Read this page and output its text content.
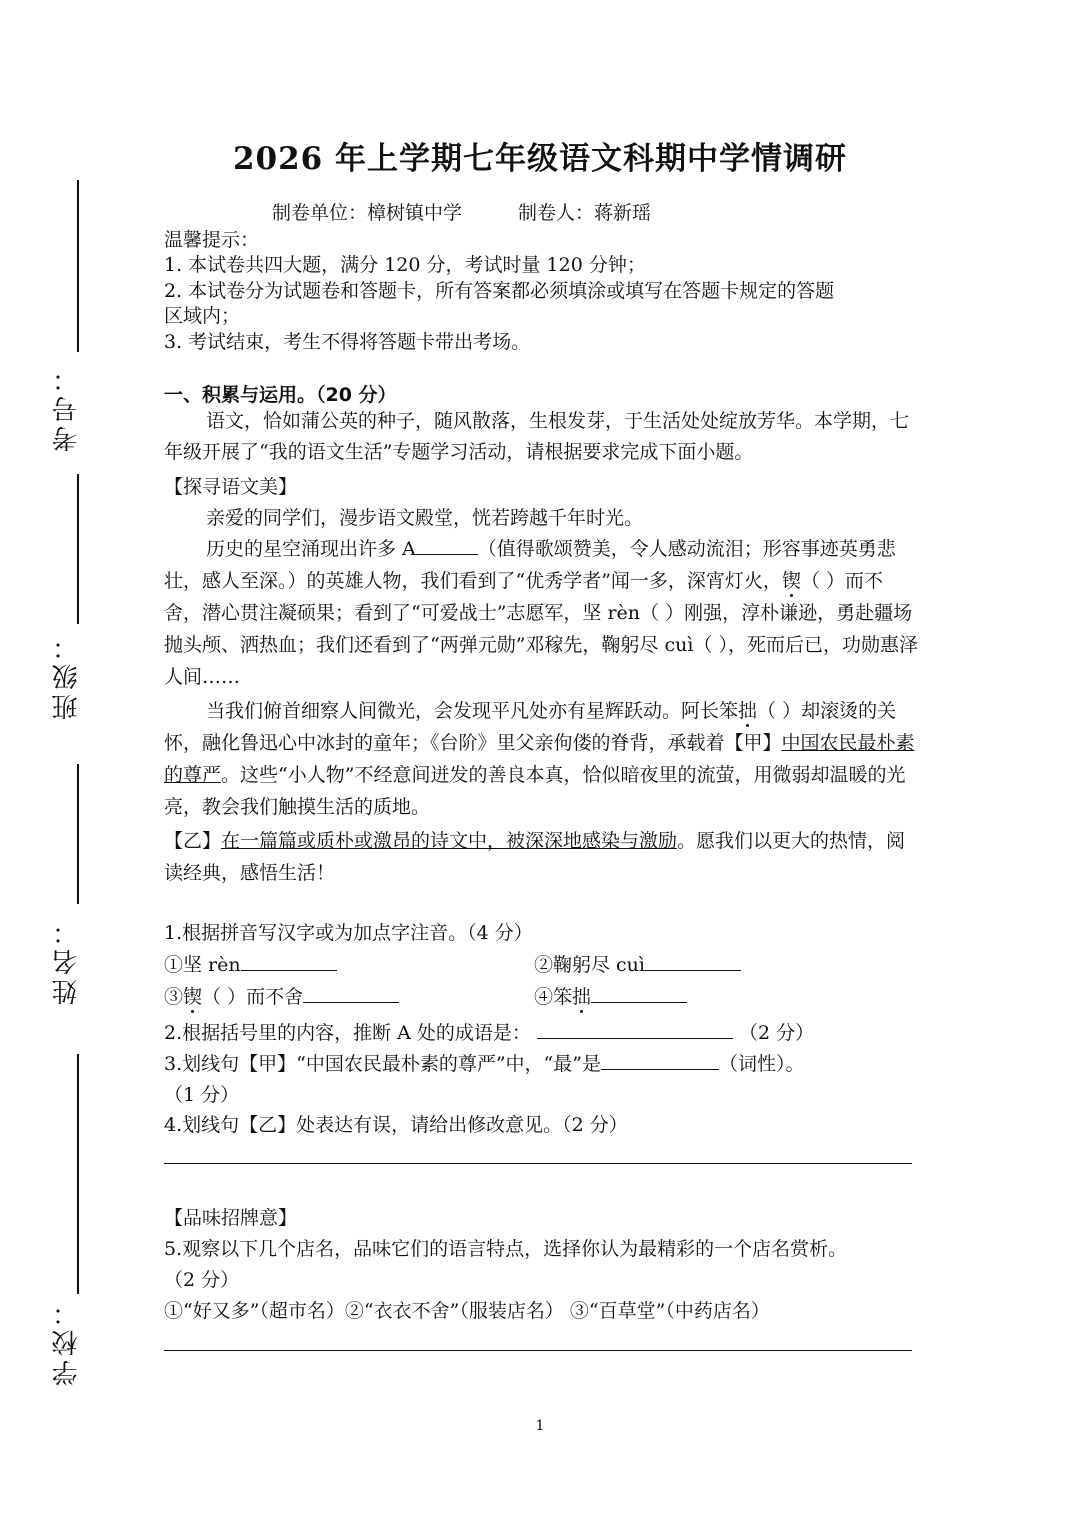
考号：
班级：
姓名：
学校：
2026 年上学期七年级语文科期中学情调研
制卷单位：樟树镇中学	制卷人：蒋新瑶
温馨提示：
1. 本试卷共四大题，满分 120 分，考试时量 120 分钟；
2. 本试卷分为试题卷和答题卡，所有答案都必须填涂或填写在答题卡规定的答题
区域内；
3. 考试结束，考生不得将答题卡带出考场。
一、积累与运用。（20 分）
语文，恰如蒲公英的种子，随风散落，生根发芽，于生活处处绽放芳华。本学期，七年级开展了“我的语文生活”专题学习活动，请根据要求完成下面小题。
【探寻语文美】
亲爱的同学们，漫步语文殿堂，恍若跨越千年时光。
历史的星空涌现出许多 A	（值得歌颂赞美，令人感动流泪；形容事迹英勇悲壮，感人至深。）的英雄人物，我们看到了“优秀学者”闻一多，深宵灯火，锲（ ）而不舍，潜心贯注凝硕果；看到了“可爱战士”志愿军，坚 rèn（ ）刚强，淳朴谦逊，勇赴疆场抛头颅、洒热血；我们还看到了“两弹元勋”邓稼先，鞠躬尽 cuì（ ），死而后已，功勋惠泽人间……
当我们俯首细察人间微光，会发现平凡处亦有星辉跃动。阿长笨拙（ ）却滚烫的关怀，融化鲁迅心中冰封的童年；《台阶》里父亲佝偻的脊背，承载着【甲】中国农民最朴素的尊严。这些“小人物”不经意间迸发的善良本真，恰似暗夜里的流萤，用微弱却温暖的光亮，教会我们触摸生活的质地。
【乙】在一篇篇或质朴或激昂的诗文中，被深深地感染与激励。愿我们以更大的热情，阅读经典，感悟生活！
1.根据拼音写汉字或为加点字注音。（4 分）
①坚 rèn	②鞠躬尽 cuì
③锲（ ）而不舍	④笨拙
2.根据括号里的内容，推断 A 处的成语是：	（2 分）
3.划线句【甲】“中国农民最朴素的尊严”中，“最”是	（词性）。
（1 分）
4.划线句【乙】处表达有误，请给出修改意见。（2 分）
【品味招牌意】
5.观察以下几个店名，品味它们的语言特点，选择你认为最精彩的一个店名赏析。
（2 分）
①“好又多”（超市名）②“衣衣不舍”（服装店名） ③“百草堂”（中药店名）
1
